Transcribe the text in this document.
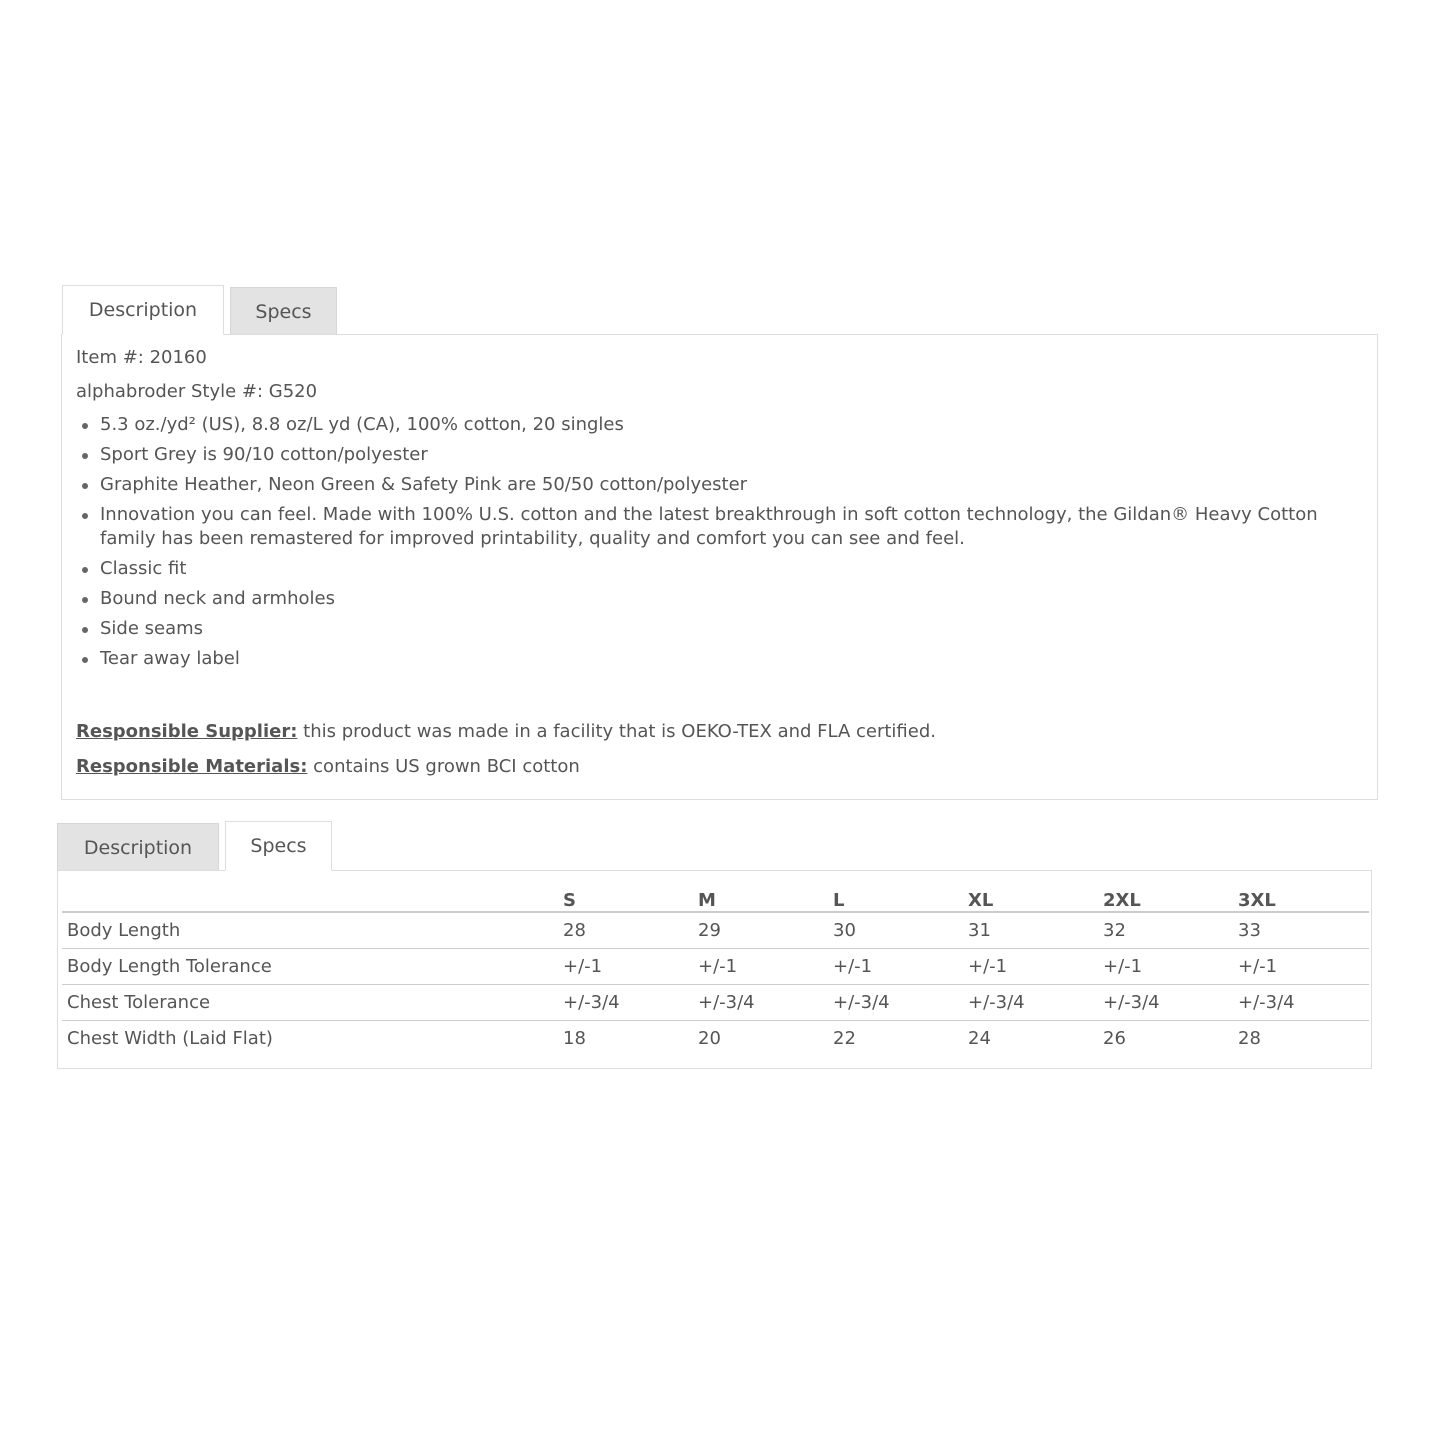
Description	Specs
Item #: 20160
alphabroder Style #: G520
5.3 oz./yd² (US), 8.8 oz/L yd (CA), 100% cotton, 20 singles
Sport Grey is 90/10 cotton/polyester
Graphite Heather, Neon Green & Safety Pink are 50/50 cotton/polyester
Innovation you can feel. Made with 100% U.S. cotton and the latest breakthrough in soft cotton technology, the Gildan® Heavy Cotton family has been remastered for improved printability, quality and comfort you can see and feel.
Classic fit
Bound neck and armholes
Side seams
Tear away label
Responsible Supplier: this product was made in a facility that is OEKO-TEX and FLA certified.
Responsible Materials: contains US grown BCI cotton
Description	Specs
	S	M	L	XL	2XL	3XL
Body Length	28	29	30	31	32	33
Body Length Tolerance	+/-1	+/-1	+/-1	+/-1	+/-1	+/-1
Chest Tolerance	+/-3/4	+/-3/4	+/-3/4	+/-3/4	+/-3/4	+/-3/4
Chest Width (Laid Flat)	18	20	22	24	26	28
